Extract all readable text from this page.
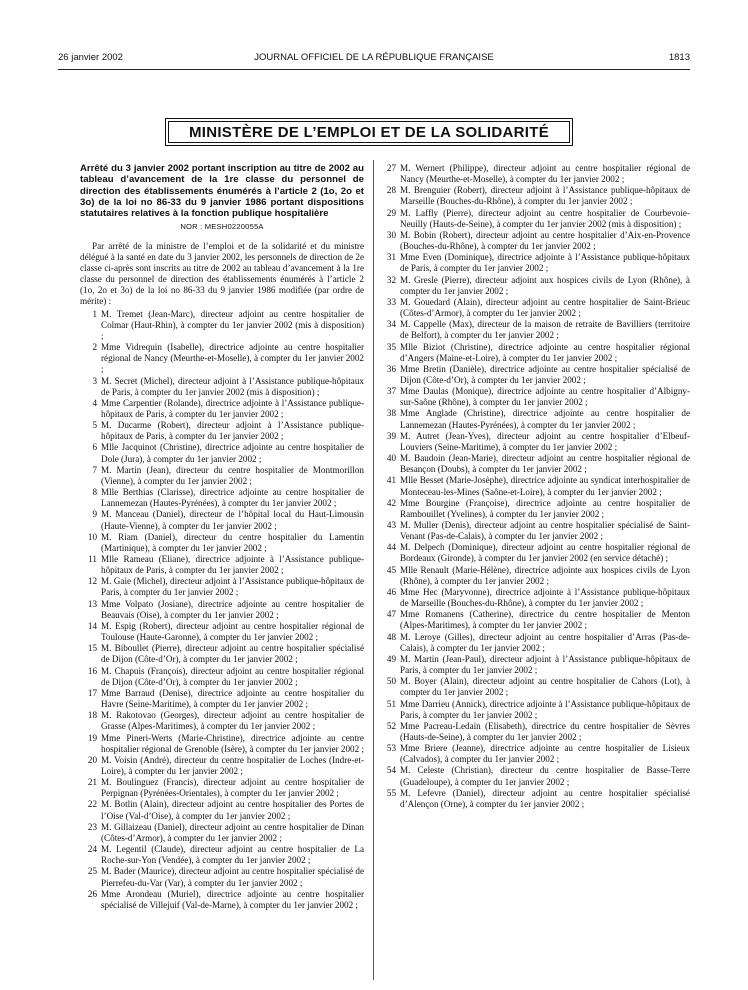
26 janvier 2002	JOURNAL OFFICIEL DE LA RÉPUBLIQUE FRANÇAISE	1813
MINISTÈRE DE L’EMPLOI ET DE LA SOLIDARITÉ

Arrêté du 3 janvier 2002 portant inscription au titre de 2002 au tableau d’avancement de la 1re classe du personnel de direction des établissements énumérés à l’article 2 (1o, 2o et 3o) de la loi no 86-33 du 9 janvier 1986 portant dispositions statutaires relatives à la fonction publique hospitalière

NOR : MESH0220055A

Par arrêté de la ministre de l’emploi et de la solidarité et du ministre délégué à la santé en date du 3 janvier 2002, les personnels de direction de 2e classe ci-après sont inscrits au titre de 2002 au tableau d’avancement à la 1re classe du personnel de direction des établissements énumérés à l’article 2 (1o, 2o et 3o) de la loi no 86-33 du 9 janvier 1986 modifiée (par ordre de mérite) :

1 M. Tremet (Jean-Marc), directeur adjoint au centre hospitalier de Colmar (Haut-Rhin), à compter du 1er janvier 2002 (mis à disposition) ;
2 Mme Vidrequin (Isabelle), directrice adjointe au centre hospitalier régional de Nancy (Meurthe-et-Moselle), à compter du 1er janvier 2002 ;
3 M. Secret (Michel), directeur adjoint à l’Assistance publique-hôpitaux de Paris, à compter du 1er janvier 2002 (mis à disposition) ;
4 Mme Carpentier (Rolande), directrice adjointe à l’Assistance publique-hôpitaux de Paris, à compter du 1er janvier 2002 ;
5 M. Ducarme (Robert), directeur adjoint à l’Assistance publique-hôpitaux de Paris, à compter du 1er janvier 2002 ;
6 Mlle Jacquinot (Christine), directrice adjointe au centre hospitalier de Dole (Jura), à compter du 1er janvier 2002 ;
7 M. Martin (Jean), directeur du centre hospitalier de Montmorillon (Vienne), à compter du 1er janvier 2002 ;
8 Mlle Berthias (Clarisse), directrice adjointe au centre hospitalier de Lannemezan (Hautes-Pyrénées), à compter du 1er janvier 2002 ;
9 M. Manceau (Daniel), directeur de l’hôpital local du Haut-Limousin (Haute-Vienne), à compter du 1er janvier 2002 ;
10 M. Riam (Daniel), directeur du centre hospitalier du Lamentin (Martinique), à compter du 1er janvier 2002 ;
11 Mlle Rameau (Eliane), directrice adjointe à l’Assistance publique-hôpitaux de Paris, à compter du 1er janvier 2002 ;
12 M. Gaie (Michel), directeur adjoint à l’Assistance publique-hôpitaux de Paris, à compter du 1er janvier 2002 ;
13 Mme Volpato (Josiane), directrice adjointe au centre hospitalier de Beauvais (Oise), à compter du 1er janvier 2002 ;
14 M. Espig (Robert), directeur adjoint au centre hospitalier régional de Toulouse (Haute-Garonne), à compter du 1er janvier 2002 ;
15 M. Biboullet (Pierre), directeur adjoint au centre hospitalier spécialisé de Dijon (Côte-d’Or), à compter du 1er janvier 2002 ;
16 M. Chapuis (François), directeur adjoint au centre hospitalier régional de Dijon (Côte-d’Or), à compter du 1er janvier 2002 ;
17 Mme Barraud (Denise), directrice adjointe au centre hospitalier du Havre (Seine-Maritime), à compter du 1er janvier 2002 ;
18 M. Rakotovao (Georges), directeur adjoint au centre hospitalier de Grasse (Alpes-Maritimes), à compter du 1er janvier 2002 ;
19 Mme Pineri-Werts (Marie-Christine), directrice adjointe au centre hospitalier régional de Grenoble (Isère), à compter du 1er janvier 2002 ;
20 M. Voisin (André), directeur du centre hospitalier de Loches (Indre-et-Loire), à compter du 1er janvier 2002 ;
21 M. Boulinguez (Francis), directeur adjoint au centre hospitalier de Perpignan (Pyrénées-Orientales), à compter du 1er janvier 2002 ;
22 M. Botlin (Alain), directeur adjoint au centre hospitalier des Portes de l’Oise (Val-d’Oise), à compter du 1er janvier 2002 ;
23 M. Gillaizeau (Daniel), directeur adjoint au centre hospitalier de Dinan (Côtes-d’Armor), à compter du 1er janvier 2002 ;
24 M. Legentil (Claude), directeur adjoint au centre hospitalier de La Roche-sur-Yon (Vendée), à compter du 1er janvier 2002 ;
25 M. Bader (Maurice), directeur adjoint au centre hospitalier spécialisé de Pierrefeu-du-Var (Var), à compter du 1er janvier 2002 ;
26 Mme Arondeau (Muriel), directrice adjointe au centre hospitalier spécialisé de Villejuif (Val-de-Marne), à compter du 1er janvier 2002 ;
27 M. Wernert (Philippe), directeur adjoint au centre hospitalier régional de Nancy (Meurthe-et-Moselle), à compter du 1er janvier 2002 ;
28 M. Brenguier (Robert), directeur adjoint à l’Assistance publique-hôpitaux de Marseille (Bouches-du-Rhône), à compter du 1er janvier 2002 ;
29 M. Laffly (Pierre), directeur adjoint au centre hospitalier de Courbevoie-Neuilly (Hauts-de-Seine), à compter du 1er janvier 2002 (mis à disposition) ;
30 M. Bobin (Robert), directeur adjoint au centre hospitalier d’Aix-en-Provence (Bouches-du-Rhône), à compter du 1er janvier 2002 ;
31 Mme Even (Dominique), directrice adjointe à l’Assistance publique-hôpitaux de Paris, à compter du 1er janvier 2002 ;
32 M. Gresle (Pierre), directeur adjoint aux hospices civils de Lyon (Rhône), à compter du 1er janvier 2002 ;
33 M. Gouedard (Alain), directeur adjoint au centre hospitalier de Saint-Brieuc (Côtes-d’Armor), à compter du 1er janvier 2002 ;
34 M. Cappelle (Max), directeur de la maison de retraite de Bavilliers (territoire de Belfort), à compter du 1er janvier 2002 ;
35 Mlle Biziot (Christine), directrice adjointe au centre hospitalier régional d’Angers (Maine-et-Loire), à compter du 1er janvier 2002 ;
36 Mme Bretin (Danièle), directrice adjointe au centre hospitalier spécialisé de Dijon (Côte-d’Or), à compter du 1er janvier 2002 ;
37 Mme Daulas (Monique), directrice adjointe au centre hospitalier d’Albigny-sur-Saône (Rhône), à compter du 1er janvier 2002 ;
38 Mme Anglade (Christine), directrice adjointe au centre hospitalier de Lannemezan (Hautes-Pyrénées), à compter du 1er janvier 2002 ;
39 M. Autret (Jean-Yves), directeur adjoint au centre hospitalier d’Elbeuf-Louviers (Seine-Maritime), à compter du 1er janvier 2002 ;
40 M. Baudoin (Jean-Marie), directeur adjoint au centre hospitalier régional de Besançon (Doubs), à compter du 1er janvier 2002 ;
41 Mlle Besset (Marie-Josèphe), directrice adjointe au syndicat interhospitalier de Monteceau-les-Mines (Saône-et-Loire), à compter du 1er janvier 2002 ;
42 Mme Bourgine (Françoise), directrice adjointe au centre hospitalier de Rambouillet (Yvelines), à compter du 1er janvier 2002 ;
43 M. Muller (Denis), directeur adjoint au centre hospitalier spécialisé de Saint-Venant (Pas-de-Calais), à compter du 1er janvier 2002 ;
44 M. Delpech (Dominique), directeur adjoint au centre hospitalier régional de Bordeaux (Gironde), à compter du 1er janvier 2002 (en service détaché) ;
45 Mlle Renault (Marie-Hélène), directrice adjointe aux hospices civils de Lyon (Rhône), à compter du 1er janvier 2002 ;
46 Mme Hec (Maryvonne), directrice adjointe à l’Assistance publique-hôpitaux de Marseille (Bouches-du-Rhône), à compter du 1er janvier 2002 ;
47 Mme Romanens (Catherine), directrice du centre hospitalier de Menton (Alpes-Maritimes), à compter du 1er janvier 2002 ;
48 M. Leroye (Gilles), directeur adjoint au centre hospitalier d’Arras (Pas-de-Calais), à compter du 1er janvier 2002 ;
49 M. Martin (Jean-Paul), directeur adjoint à l’Assistance publique-hôpitaux de Paris, à compter du 1er janvier 2002 ;
50 M. Boyer (Alain), directeur adjoint au centre hospitalier de Cahors (Lot), à compter du 1er janvier 2002 ;
51 Mme Darrieu (Annick), directrice adjointe à l’Assistance publique-hôpitaux de Paris, à compter du 1er janvier 2002 ;
52 Mme Pacreau-Ledain (Elisabeth), directrice du centre hospitalier de Sèvres (Hauts-de-Seine), à compter du 1er janvier 2002 ;
53 Mme Briere (Jeanne), directrice adjointe au centre hospitalier de Lisieux (Calvados), à compter du 1er janvier 2002 ;
54 M. Celeste (Christian), directeur du centre hospitalier de Basse-Terre (Guadeloupe), à compter du 1er janvier 2002 ;
55 M. Lefevre (Daniel), directeur adjoint au centre hospitalier spécialisé d’Alençon (Orne), à compter du 1er janvier 2002 ;
